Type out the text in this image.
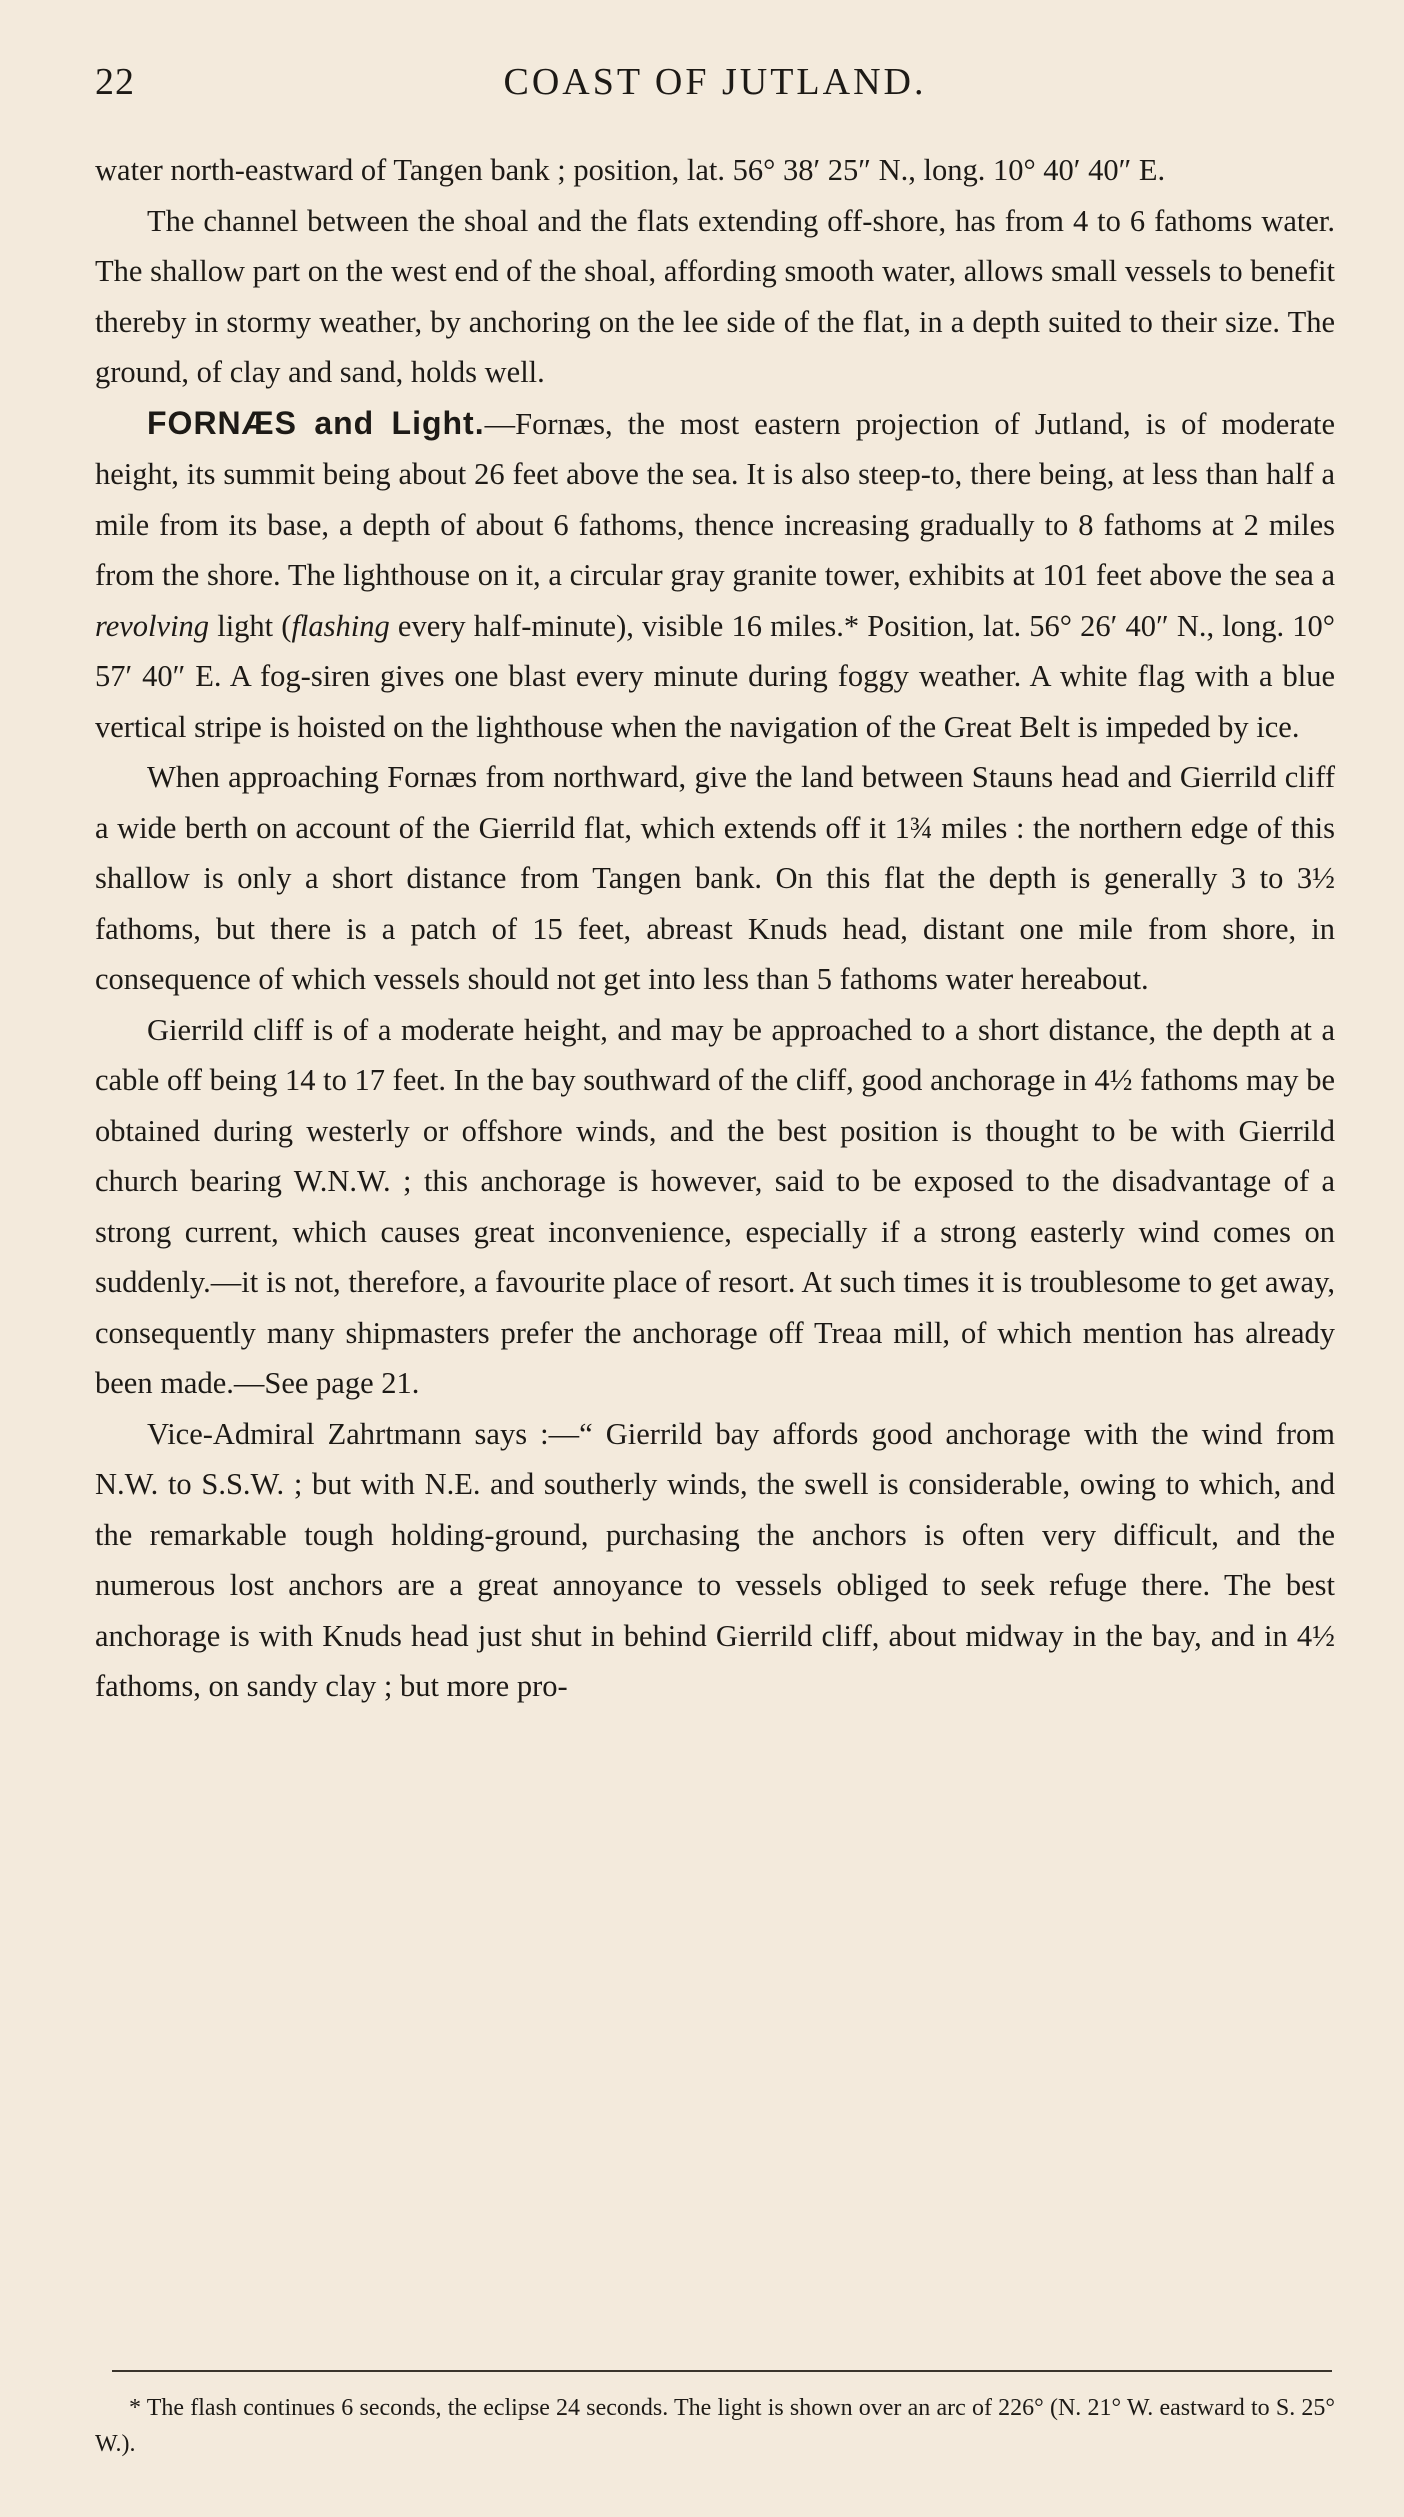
22	COAST OF JUTLAND.

water north-eastward of Tangen bank ; position, lat. 56° 38′ 25″ N., long. 10° 40′ 40″ E.

The channel between the shoal and the flats extending off-shore, has from 4 to 6 fathoms water. The shallow part on the west end of the shoal, affording smooth water, allows small vessels to benefit thereby in stormy weather, by anchoring on the lee side of the flat, in a depth suited to their size. The ground, of clay and sand, holds well.

FORNÆS and Light.—Fornæs, the most eastern projection of Jutland, is of moderate height, its summit being about 26 feet above the sea. It is also steep-to, there being, at less than half a mile from its base, a depth of about 6 fathoms, thence increasing gradually to 8 fathoms at 2 miles from the shore. The lighthouse on it, a circular gray granite tower, exhibits at 101 feet above the sea a revolving light (flashing every half-minute), visible 16 miles.* Position, lat. 56° 26′ 40″ N., long. 10° 57′ 40″ E. A fog-siren gives one blast every minute during foggy weather. A white flag with a blue vertical stripe is hoisted on the lighthouse when the navigation of the Great Belt is impeded by ice.

When approaching Fornæs from northward, give the land between Stauns head and Gierrild cliff a wide berth on account of the Gierrild flat, which extends off it 1¾ miles : the northern edge of this shallow is only a short distance from Tangen bank. On this flat the depth is generally 3 to 3½ fathoms, but there is a patch of 15 feet, abreast Knuds head, distant one mile from shore, in consequence of which vessels should not get into less than 5 fathoms water hereabout.

Gierrild cliff is of a moderate height, and may be approached to a short distance, the depth at a cable off being 14 to 17 feet. In the bay southward of the cliff, good anchorage in 4½ fathoms may be obtained during westerly or offshore winds, and the best position is thought to be with Gierrild church bearing W.N.W. ; this anchorage is however, said to be exposed to the disadvantage of a strong current, which causes great inconvenience, especially if a strong easterly wind comes on suddenly.—it is not, therefore, a favourite place of resort. At such times it is troublesome to get away, consequently many shipmasters prefer the anchorage off Treaa mill, of which mention has already been made.—See page 21.

Vice-Admiral Zahrtmann says :—“ Gierrild bay affords good anchorage with the wind from N.W. to S.S.W. ; but with N.E. and southerly winds, the swell is considerable, owing to which, and the remarkable tough holding-ground, purchasing the anchors is often very difficult, and the numerous lost anchors are a great annoyance to vessels obliged to seek refuge there. The best anchorage is with Knuds head just shut in behind Gierrild cliff, about midway in the bay, and in 4½ fathoms, on sandy clay ; but more pro-

* The flash continues 6 seconds, the eclipse 24 seconds. The light is shown over an arc of 226° (N. 21° W. eastward to S. 25° W.).
